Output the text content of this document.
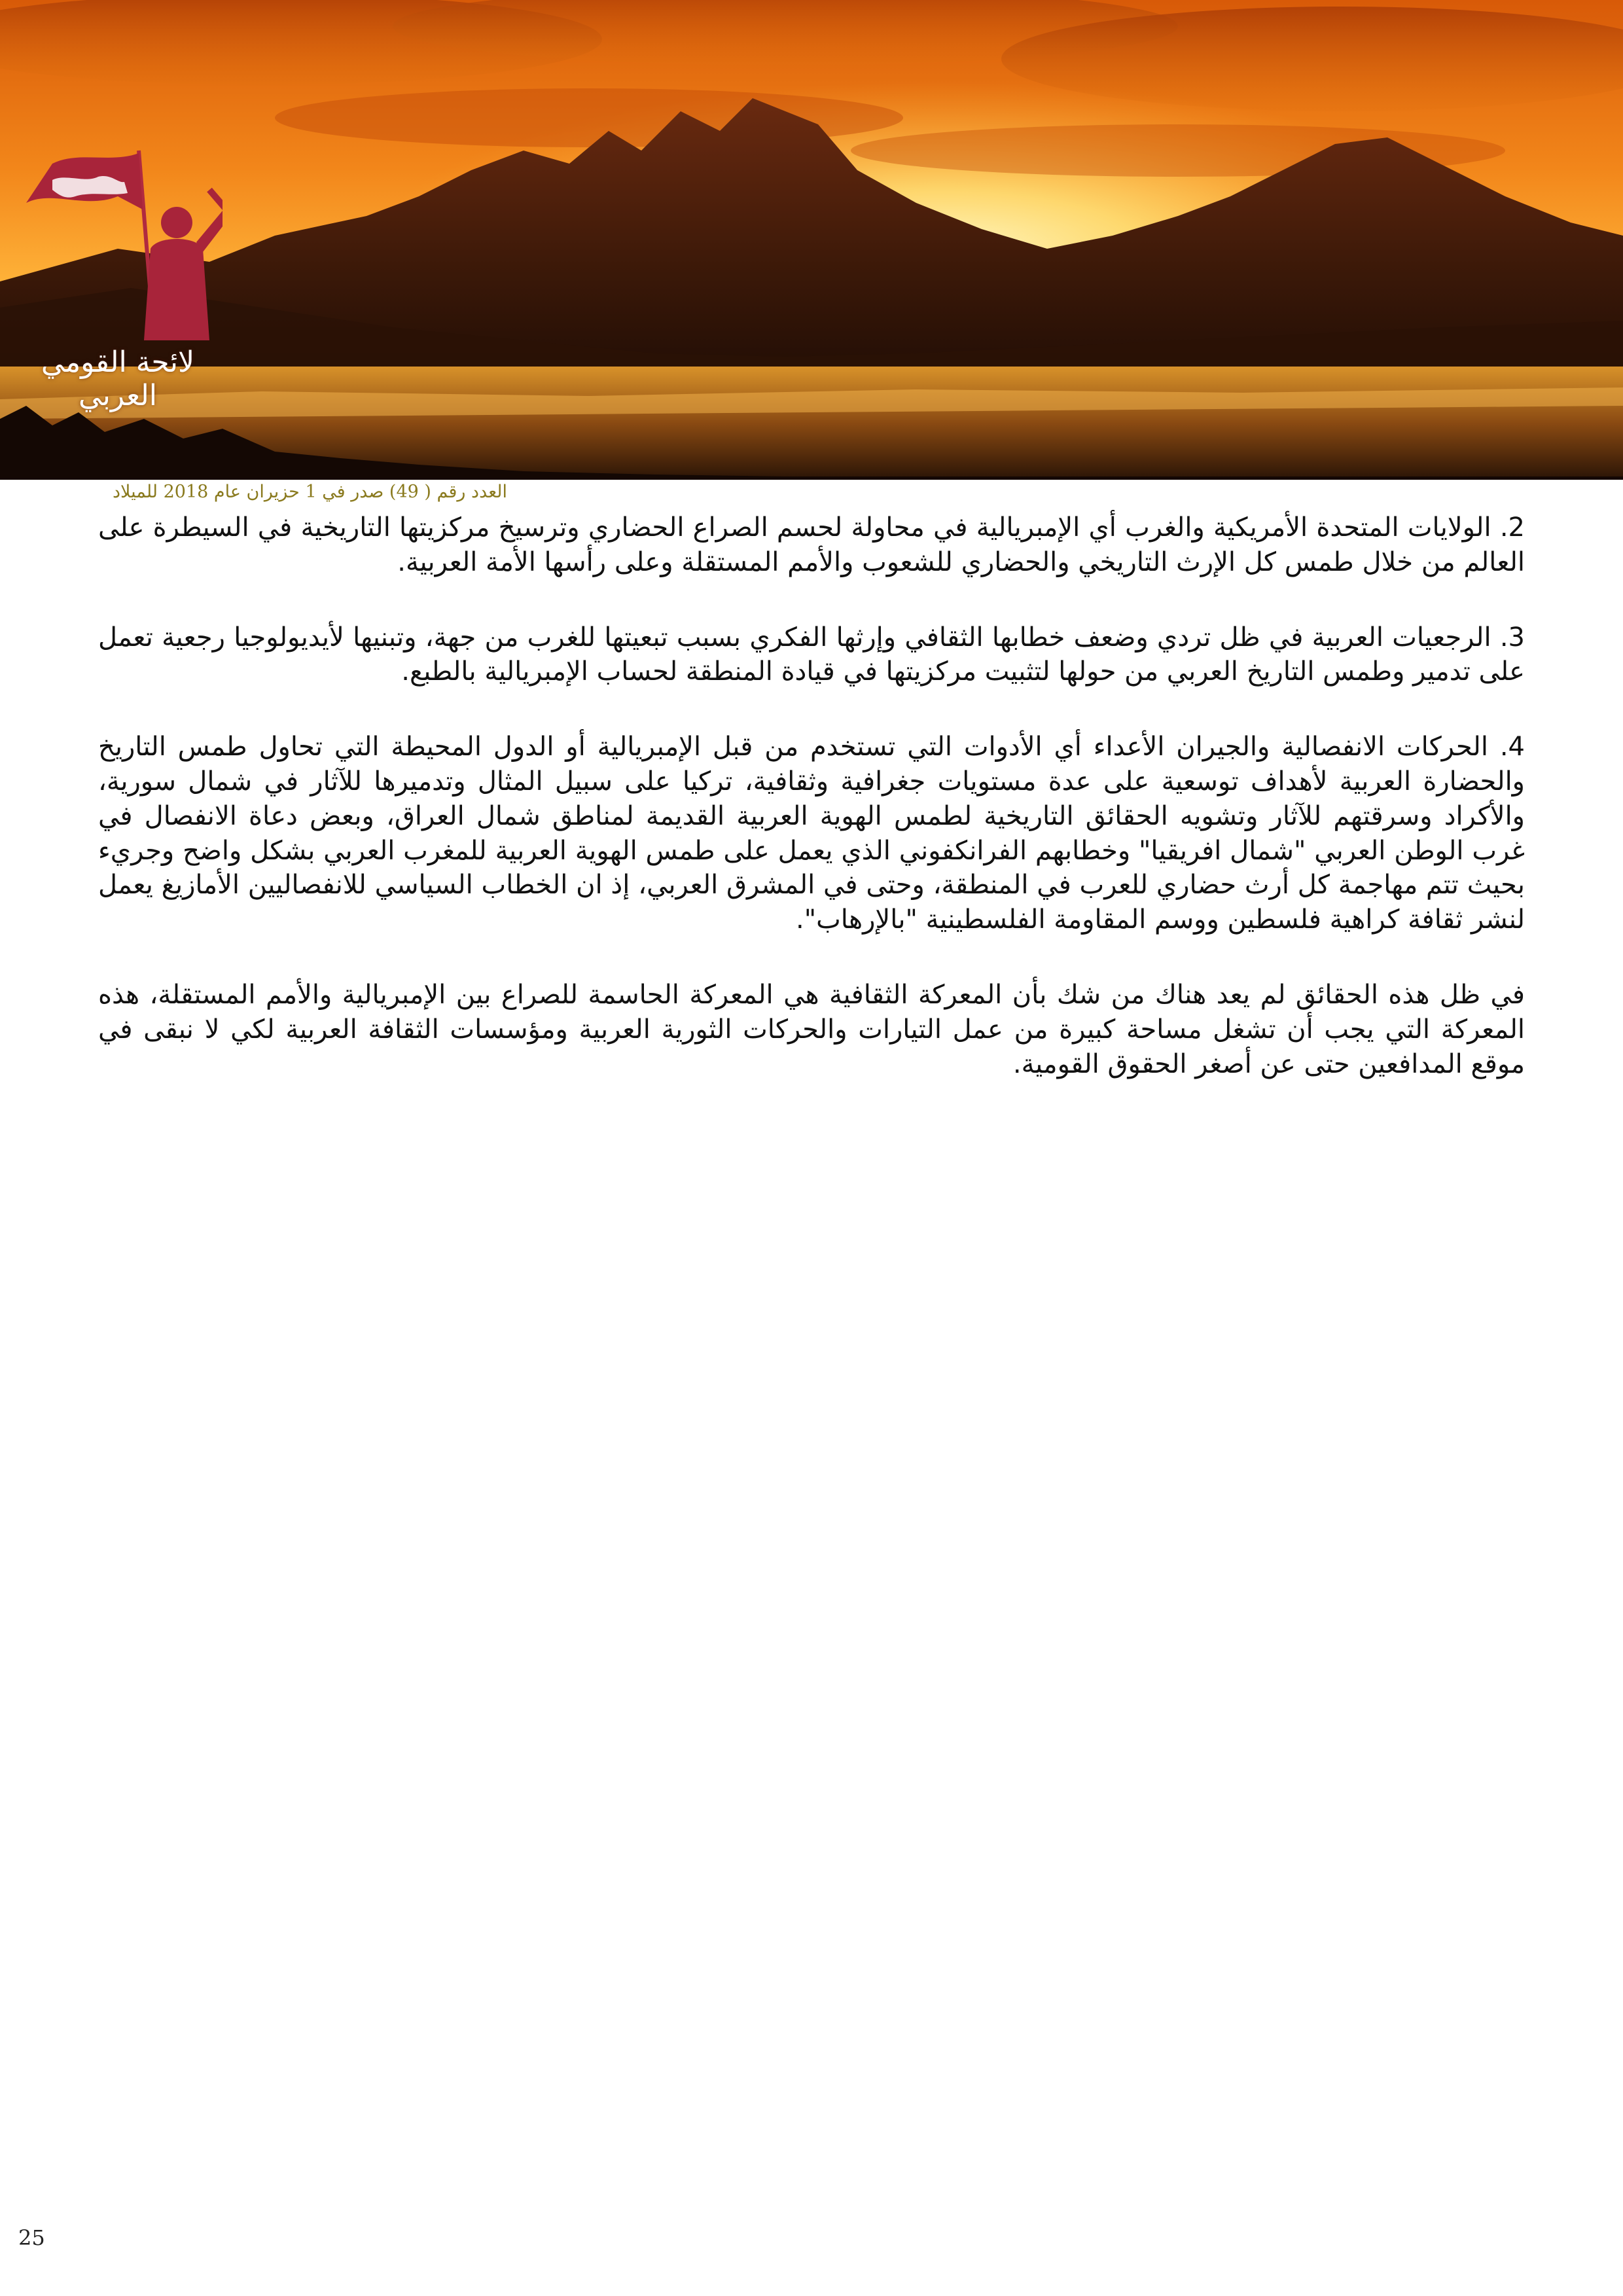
لائحة القومي العربي
العدد رقم ( 49) صدر في 1 حزيران عام 2018 للميلاد

2. الولايات المتحدة الأمريكية والغرب أي الإمبريالية في محاولة لحسم الصراع الحضاري وترسيخ مركزيتها التاريخية في السيطرة على العالم من خلال طمس كل الإرث التاريخي والحضاري للشعوب والأمم المستقلة وعلى رأسها الأمة العربية.

3. الرجعيات العربية في ظل تردي وضعف خطابها الثقافي وإرثها الفكري بسبب تبعيتها للغرب من جهة، وتبنيها لأيديولوجيا رجعية تعمل على تدمير وطمس التاريخ العربي من حولها لتثبيت مركزيتها في قيادة المنطقة لحساب الإمبريالية بالطبع.

4. الحركات الانفصالية والجيران الأعداء أي الأدوات التي تستخدم من قبل الإمبريالية أو الدول المحيطة التي تحاول طمس التاريخ والحضارة العربية لأهداف توسعية على عدة مستويات جغرافية وثقافية، تركيا على سبيل المثال وتدميرها للآثار في شمال سورية، والأكراد وسرقتهم للآثار وتشويه الحقائق التاريخية لطمس الهوية العربية القديمة لمناطق شمال العراق، وبعض دعاة الانفصال في غرب الوطن العربي "شمال افريقيا" وخطابهم الفرانكفوني الذي يعمل على طمس الهوية العربية للمغرب العربي بشكل واضح وجريء بحيث تتم مهاجمة كل أرث حضاري للعرب في المنطقة، وحتى في المشرق العربي، إذ ان الخطاب السياسي للانفصاليين الأمازيغ يعمل لنشر ثقافة كراهية فلسطين ووسم المقاومة الفلسطينية "بالإرهاب".

في ظل هذه الحقائق لم يعد هناك من شك بأن المعركة الثقافية هي المعركة الحاسمة للصراع بين الإمبريالية والأمم المستقلة، هذه المعركة التي يجب أن تشغل مساحة كبيرة من عمل التيارات والحركات الثورية العربية ومؤسسات الثقافة العربية لكي لا نبقى في موقع المدافعين حتى عن أصغر الحقوق القومية.

25
